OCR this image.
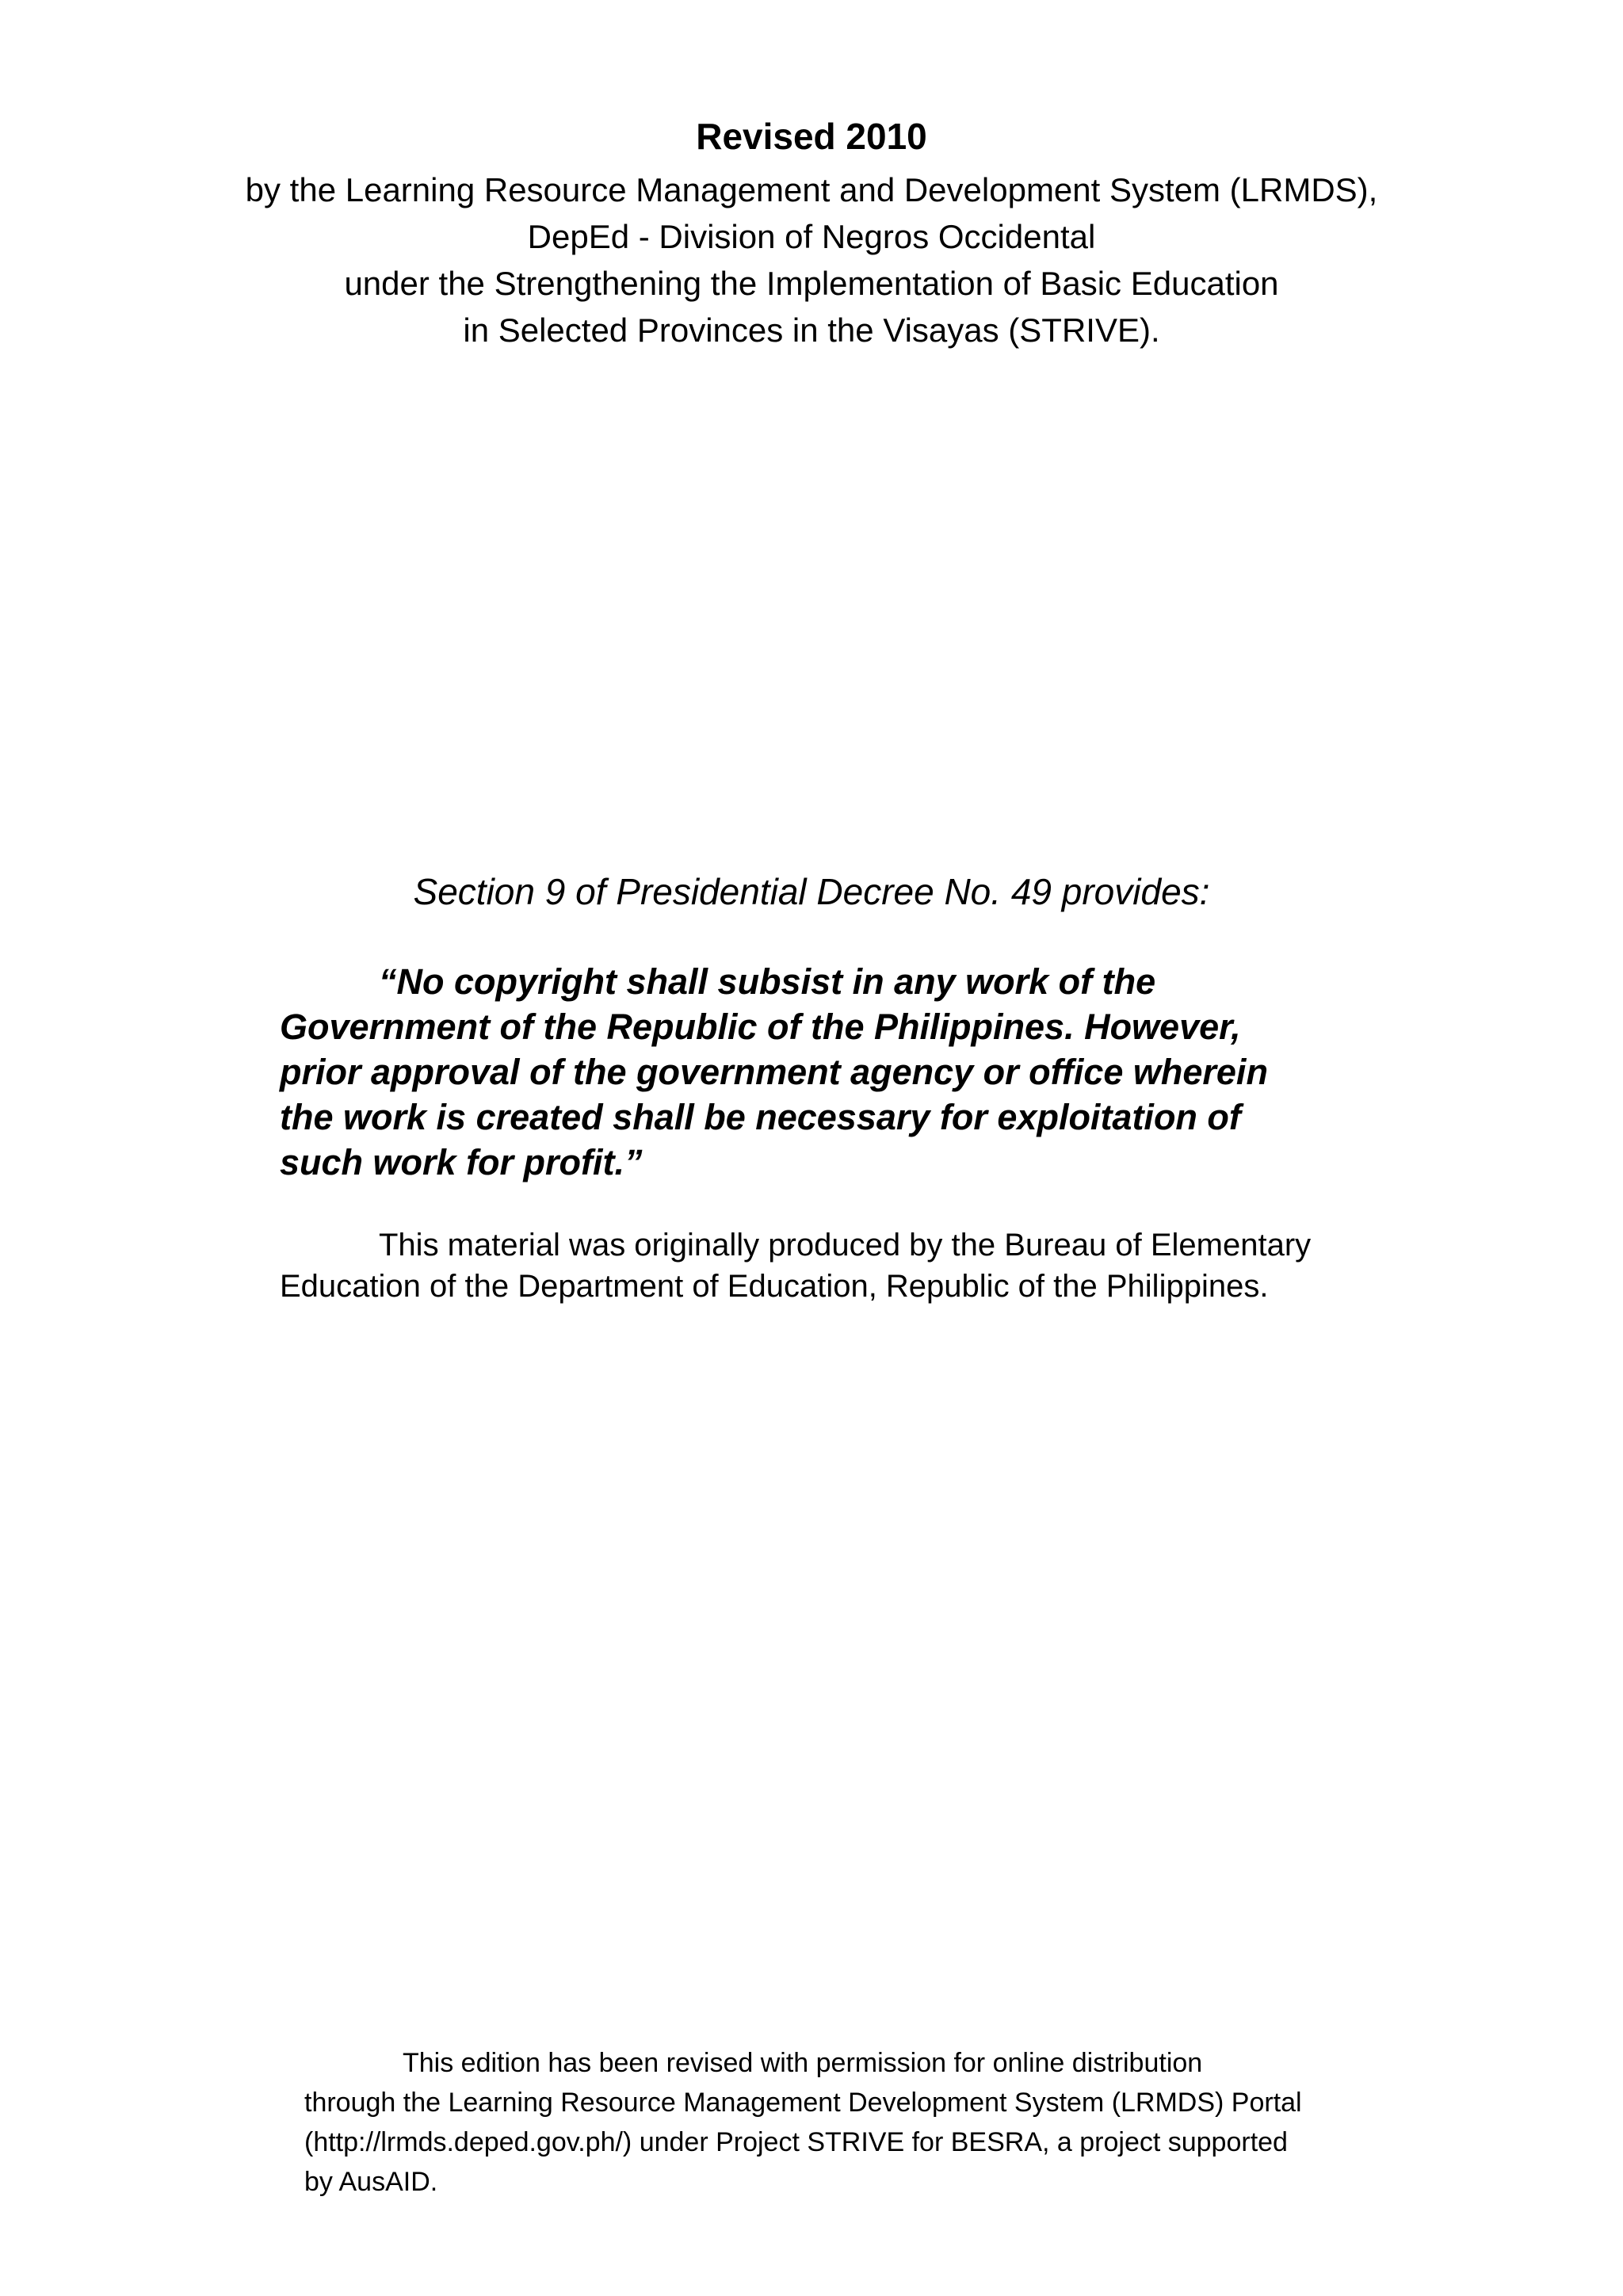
Revised 2010
by the Learning Resource Management and Development System (LRMDS),
DepEd - Division of Negros Occidental
under the Strengthening the Implementation of Basic Education
in Selected Provinces in the Visayas (STRIVE).
Section 9 of Presidential Decree No. 49 provides:

“No copyright shall subsist in any work of the
Government of the Republic of the Philippines. However,
prior approval of the government agency or office wherein
the work is created shall be necessary for exploitation of
such work for profit.”

This material was originally produced by the Bureau of Elementary
Education of the Department of Education, Republic of the Philippines.

This edition has been revised with permission for online distribution
through the Learning Resource Management Development System (LRMDS) Portal
(http://lrmds.deped.gov.ph/) under Project STRIVE for BESRA, a project supported
by AusAID.
